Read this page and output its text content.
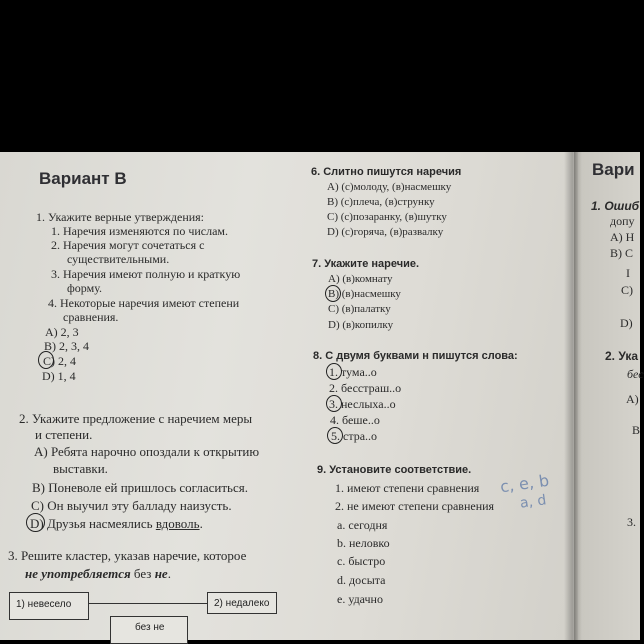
Вариант В
1. Укажите верные утверждения:
1. Наречия изменяются по числам.
2. Наречия могут сочетаться с
существительными.
3. Наречия имеют полную и краткую
форму.
4. Некоторые наречия имеют степени
сравнения.
A) 2, 3
B) 2, 3, 4
C) 2, 4
D) 1, 4
2. Укажите предложение с наречием меры
и степени.
A) Ребята нарочно опоздали к открытию
выставки.
B) Поневоле ей пришлось согласиться.
C) Он выучил эту балладу наизусть.
D) Друзья насмеялись вдоволь.
3. Решите кластер, указав наречие, которое
не употребляется без не.
1) невесело	2) недалеко
без не
6. Слитно пишутся наречия
A) (с)молоду, (в)насмешку
B) (с)плеча, (в)струнку
C) (с)позаранку, (в)шутку
D) (с)горяча, (в)развалку
7. Укажите наречие.
A) (в)комнату
B) (в)насмешку
C) (в)палатку
D) (в)копилку
8. С двумя буквами н пишутся слова:
1. тума..о
2. бесстраш..о
3. неслыха..о
4. беше..о
5. стра..о
9. Установите соответствие.
1. имеют степени сравнения
2. не имеют степени сравнения
c, e, b
a, d
a. сегодня
b. неловко
c. быстро
d. досыта
e. удачно
Вари
1. Ошиб
допу
A) Н
B) С
I
C)
D)
2. Ука
бес
A)
B
3.
